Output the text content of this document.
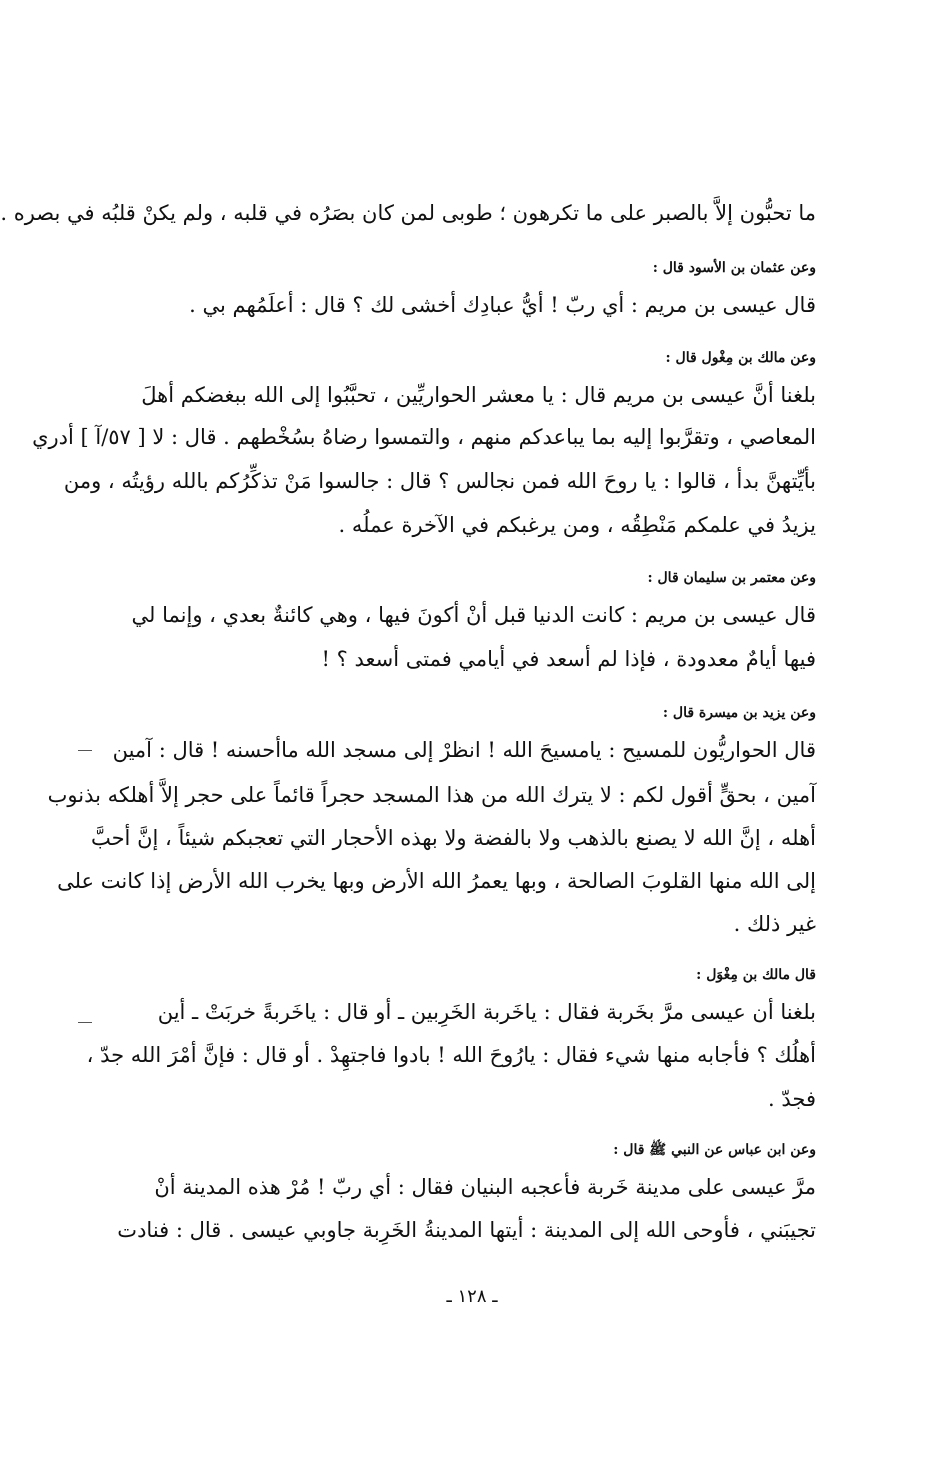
ما تحبُّون إلاَّ بالصبر على ما تكرهون ؛ طوبى لمن كان بصَرُه في قلبه ، ولم يكنْ قلبُه في بصره .
وعن عثمان بن الأسود قال :
قال عيسى بن مريم : أي ربّ ! أيُّ عبادِك أخشى لك ؟ قال : أعلَمُهم بي .
وعن مالك بن مِغْول قال :
بلغنا أنَّ عيسى بن مريم قال : يا معشر الحواريِّين ، تحبَّبُوا إلى الله ببغضكم أهلَ
المعاصي ، وتقرَّبوا إليه بما يباعدكم منهم ، والتمسوا رضاهُ بسُخْطهم . قال : لا [ ٥٧/آ ] أدري
بأيِّتهنَّ بدأ ، قالوا : يا روحَ الله فمن نجالس ؟ قال : جالسوا مَنْ تذكِّرُكم بالله رؤيتُه ، ومن
يزيدُ في علمكم مَنْطِقُه ، ومن يرغبكم في الآخرة عملُه .
وعن معتمر بن سليمان قال :
قال عيسى بن مريم : كانت الدنيا قبل أنْ أكونَ فيها ، وهي كائنةٌ بعدي ، وإنما لي
فيها أيامٌ معدودة ، فإذا لم أسعد في أيامي فمتى أسعد ؟ !
وعن يزيد بن ميسرة قال :
قال الحواريُّون للمسيح : يامسيحَ الله ! انظرْ إلى مسجد الله ماأحسنه ! قال : آمين
آمين ، بحقٍّ أقول لكم : لا يترك الله من هذا المسجد حجراً قائماً على حجر إلاَّ أهلكه بذنوب
أهله ، إنَّ الله لا يصنع بالذهب ولا بالفضة ولا بهذه الأحجار التي تعجبكم شيئاً ، إنَّ أحبَّ
إلى الله منها القلوبَ الصالحة ، وبها يعمرُ الله الأرض وبها يخرب الله الأرض إذا كانت على
غير ذلك .
قال مالك بن مِغْوَل :
بلغنا أن عيسى مرَّ بخَربة فقال : ياخَربة الخَرِبين ـ أو قال : ياخَربةً خربَتْ ـ أين
أهلُك ؟ فأجابه منها شيء فقال : يارُوحَ الله ! بادوا فاجتهِدْ . أو قال : فإنَّ أمْرَ الله جدّ ،
فجدّ .
وعن ابن عباس عن النبي ﷺ قال :
مرَّ عيسى على مدينة خَربة فأعجبه البنيان فقال : أي ربّ ! مُرْ هذه المدينة أنْ
تجيبَني ، فأوحى الله إلى المدينة : أيتها المدينةُ الخَرِبة جاوبي عيسى . قال : فنادت
ـ ١٢٨ ـ
